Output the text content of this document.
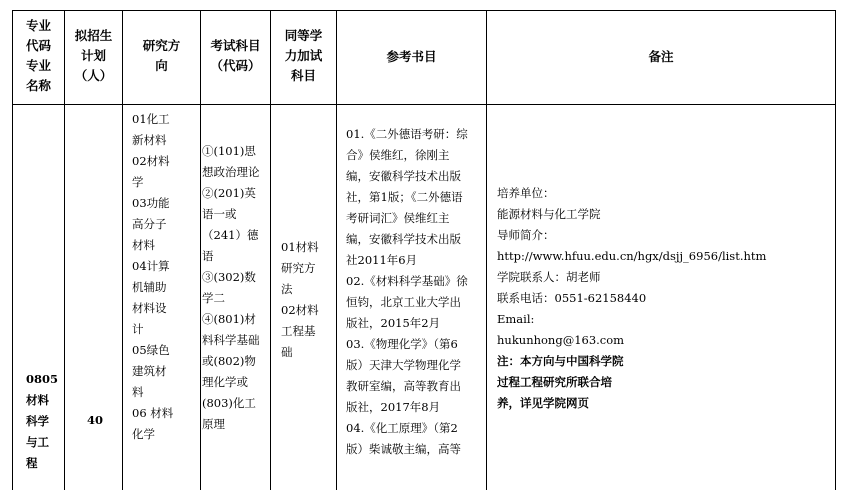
专业
代码
专业
名称
拟招生
计划
（人）
研究方
向
考试科目
（代码）
同等学
力加试
科目
参考书目	备注
0805
材料
科学
与工
程
40
01化工
新材料
02材料
学
03功能
高分子
材料
04计算
机辅助
材料设
计
05绿色
建筑材
料
06 材料
化学
①(101)思
想政治理论
②(201)英
语一或
（241）德
语
③(302)数
学二
④(801)材
料科学基础
或(802)物
理化学或
(803)化工
原理
01材料
研究方
法
02材料
工程基
础
01.《二外德语考研：综
合》侯维红，徐刚主
编，安徽科学技术出版
社，第1版；《二外德语
考研词汇》侯维红主
编，安徽科学技术出版
社2011年6月
02.《材料科学基础》徐
恒钧，北京工业大学出
版社，2015年2月
03.《物理化学》（第6
版）天津大学物理化学
教研室编，高等教育出
版社，2017年8月
04.《化工原理》（第2
版）柴诚敬主编，高等
培养单位：
能源材料与化工学院
导师简介：
http://www.hfuu.edu.cn/hgx/dsjj_6956/list.htm
学院联系人：胡老师
联系电话：0551-62158440
Email:
hukunhong@163.com
注：本方向与中国科学院
过程工程研究所联合培
养，详见学院网页
